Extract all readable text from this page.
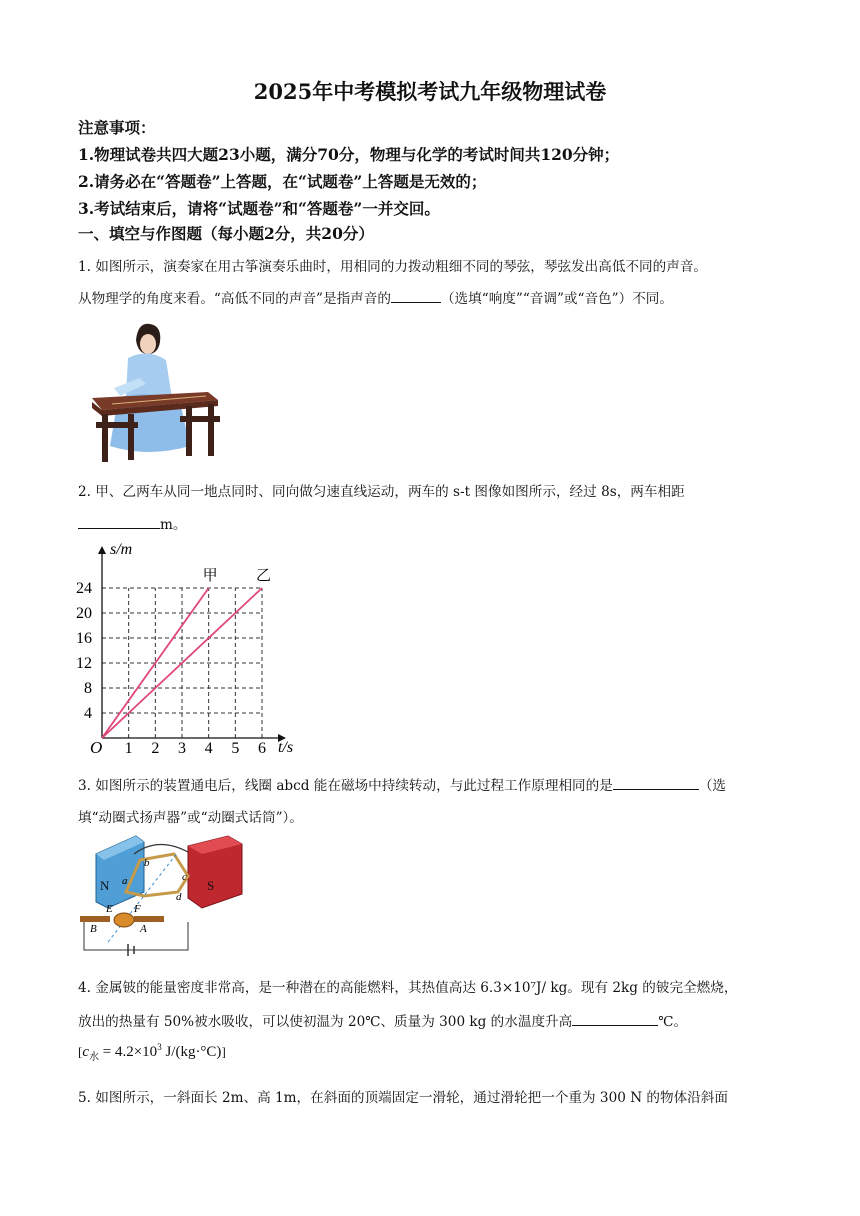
2025年中考模拟考试九年级物理试卷
注意事项：
1.物理试卷共四大题23小题，满分70分，物理与化学的考试时间共120分钟；
2.请务必在“答题卷”上答题，在“试题卷”上答题是无效的；
3.考试结束后，请将“试题卷”和“答题卷”一并交回。
一、填空与作图题（每小题2分，共20分）
1. 如图所示，演奏家在用古筝演奏乐曲时，用相同的力拨动粗细不同的琴弦，琴弦发出高低不同的声音。
从物理学的角度来看。“高低不同的声音”是指声音的	（选填“响度”“音调”或“音色”）不同。
2. 甲、乙两车从同一地点同时、同向做匀速直线运动，两车的 s-t 图像如图所示，经过 8s，两车相距
m。
1 2 3 4 5 6
4
8
12
16
20
24
甲	乙
s/m
t/s
O
3. 如图所示的装置通电后，线圈 abcd 能在磁场中持续转动，与此过程工作原理相同的是	（选
填“动圈式扬声器”或“动圈式话筒”）。
N	S
a
b
c
d
E F
A
B
4. 金属铍的能量密度非常高，是一种潜在的高能燃料，其热值高达 6.3×10⁷J/ kg。现有 2kg 的铍完全燃烧，
放出的热量有 50%被水吸收，可以使初温为 20℃、质量为 300 kg 的水温度升高	℃。
[$c_水 = 4.2\times 10^3$ J/(kg·°C)]
5. 如图所示，一斜面长 2m、高 1m，在斜面的顶端固定一滑轮，通过滑轮把一个重为 300 N 的物体沿斜面
